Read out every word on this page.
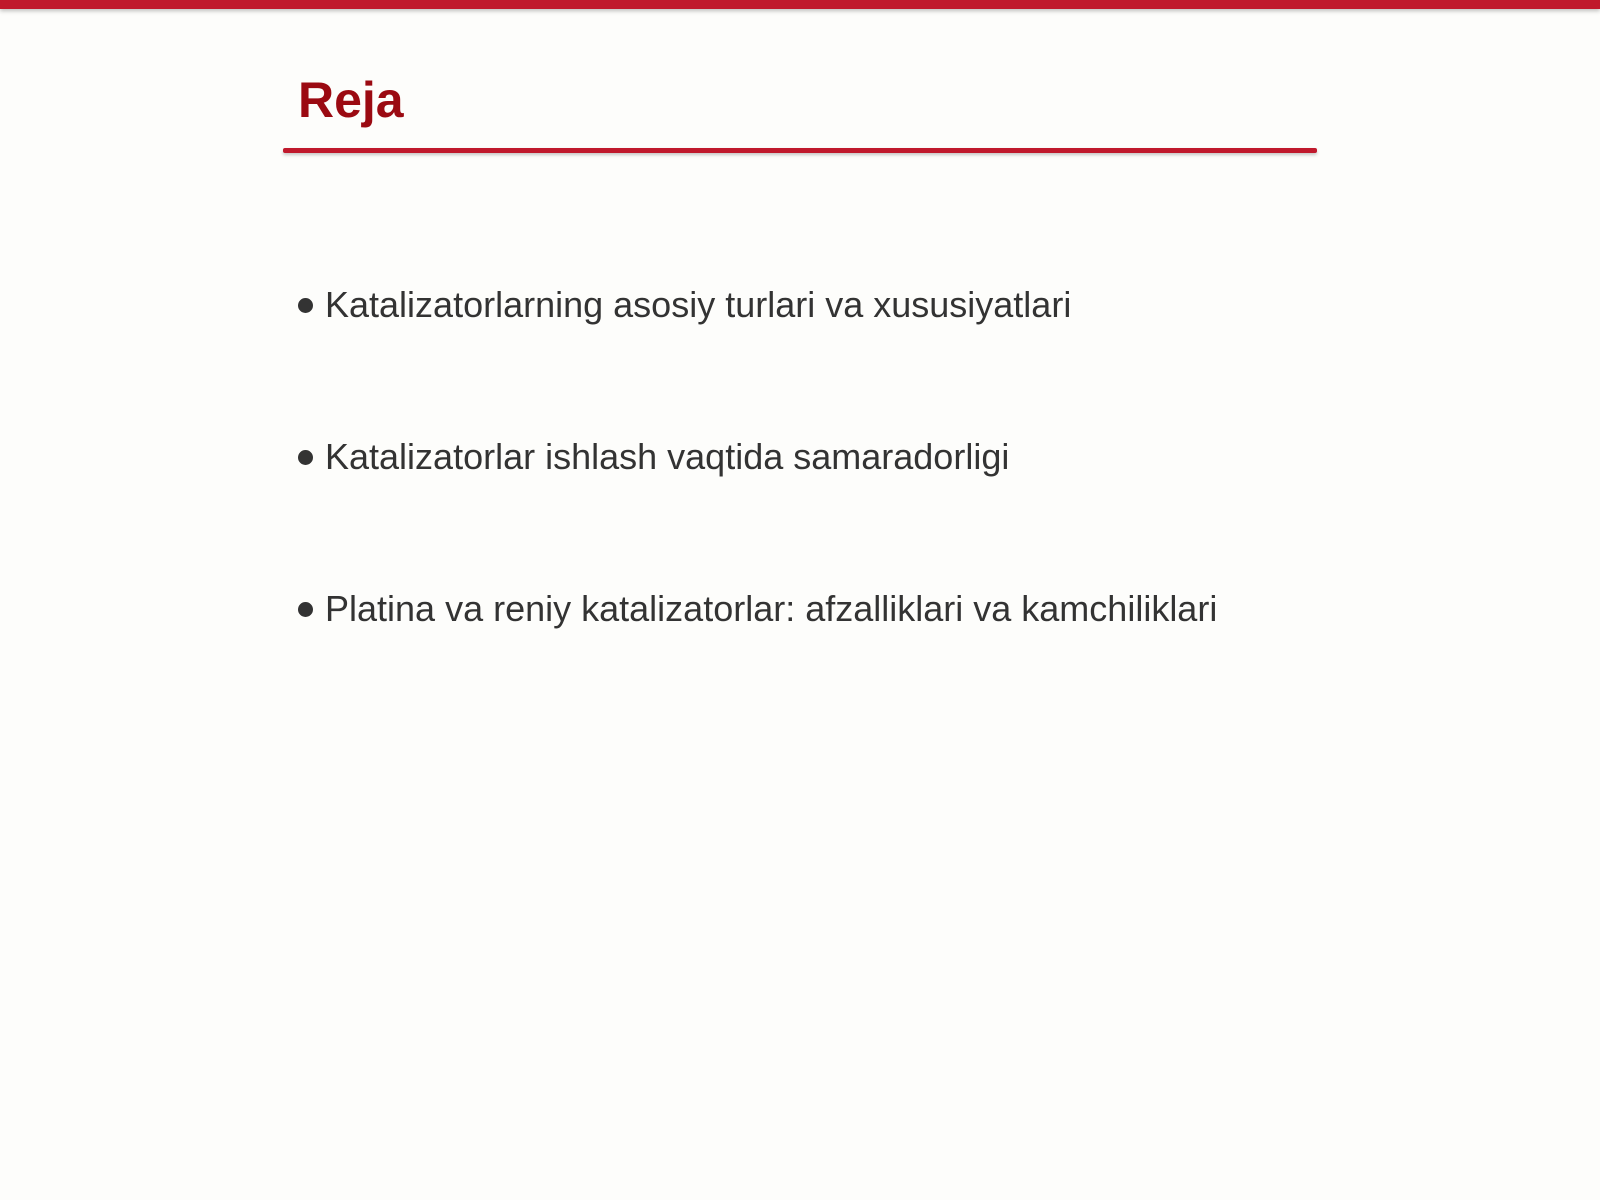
Reja
Katalizatorlarning asosiy turlari va xususiyatlari
Katalizatorlar ishlash vaqtida samaradorligi
Platina va reniy katalizatorlar: afzalliklari va kamchiliklari
